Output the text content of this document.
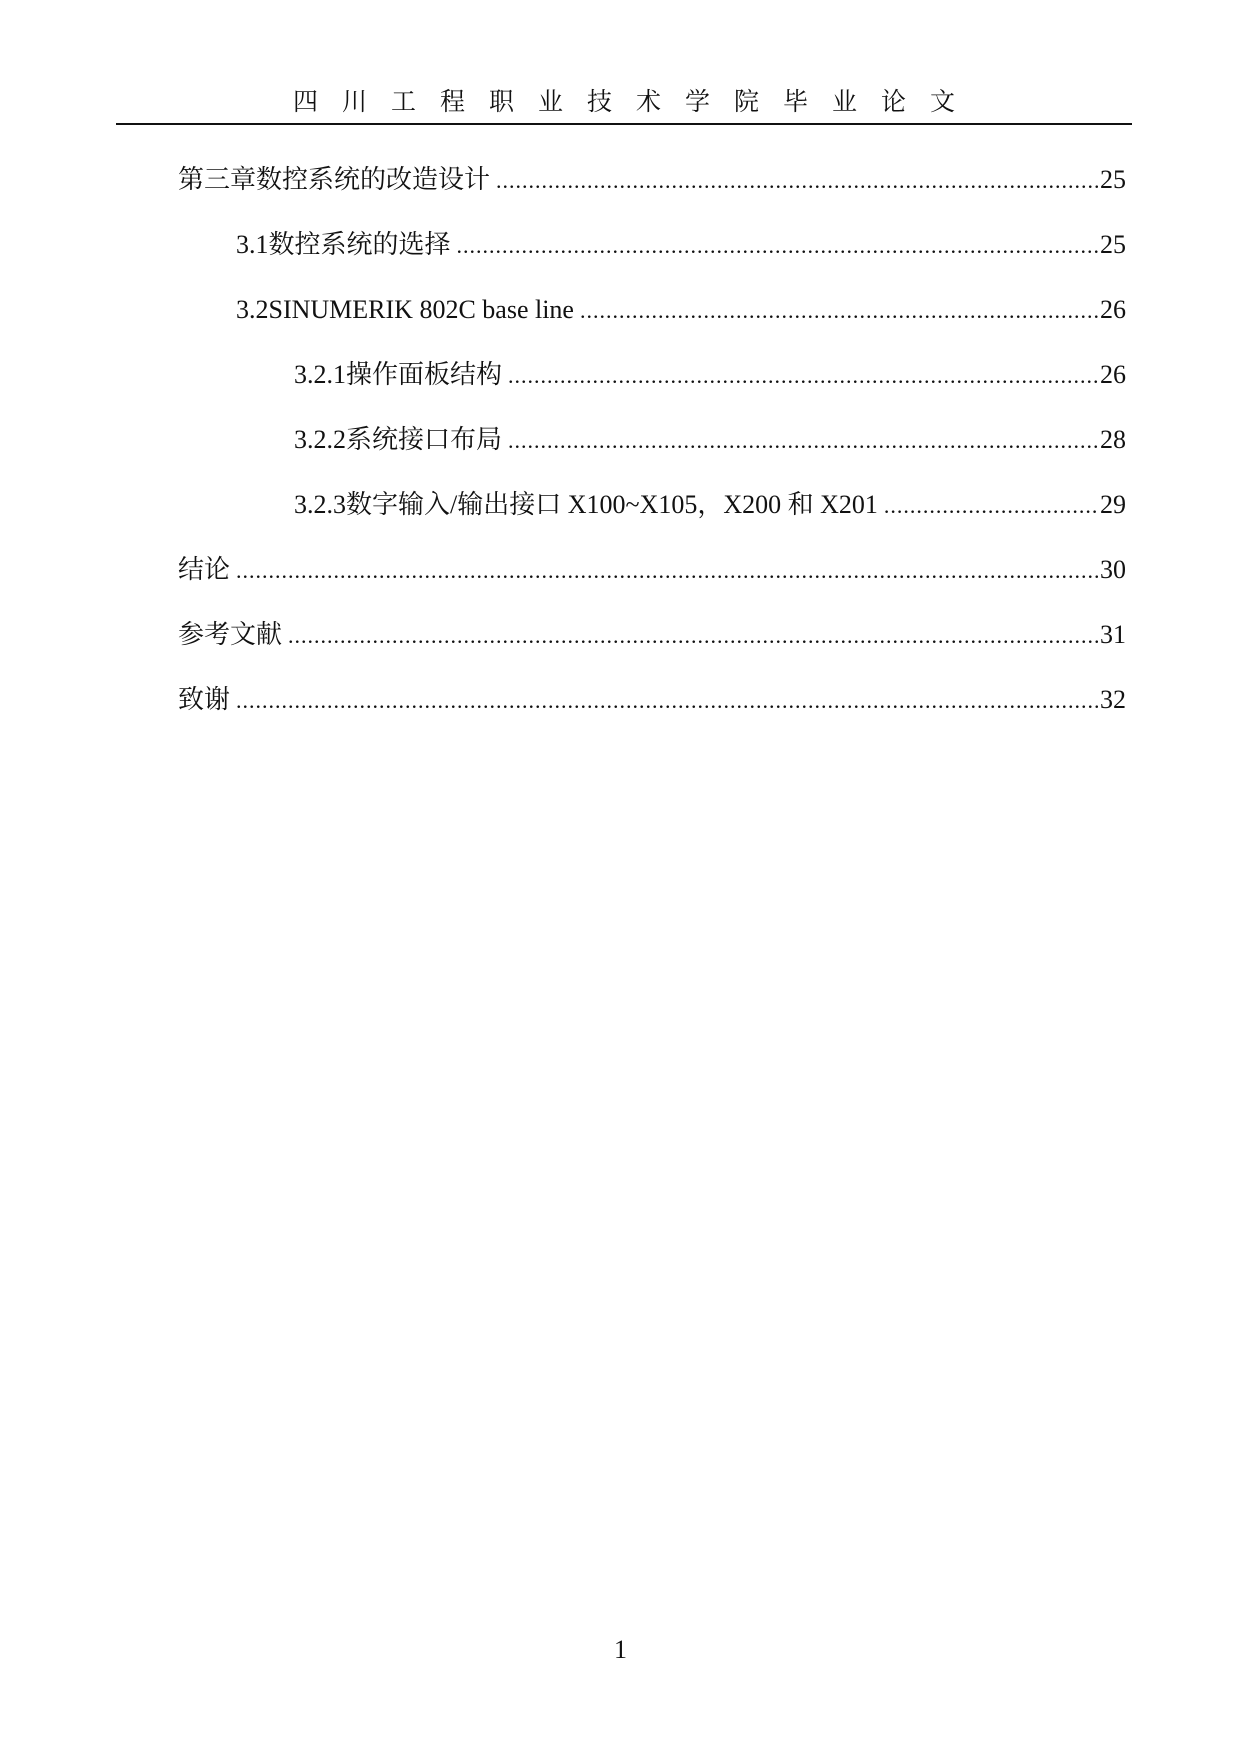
四川工程职业技术学院毕业论文
第三章 数控系统的改造设计 .....	25
3.1 数控系统的选择 .....	25
3.2 SINUMERIK 802C base line .....	26
3.2.1 操作面板结构 .....	26
3.2.2 系统接口布局 .....	28
3.2.3 数字输入/输出接口 X100~X105，X200 和 X201 .....	29
结论 .....	30
参考文献 .....	31
致谢 .....	32
1
